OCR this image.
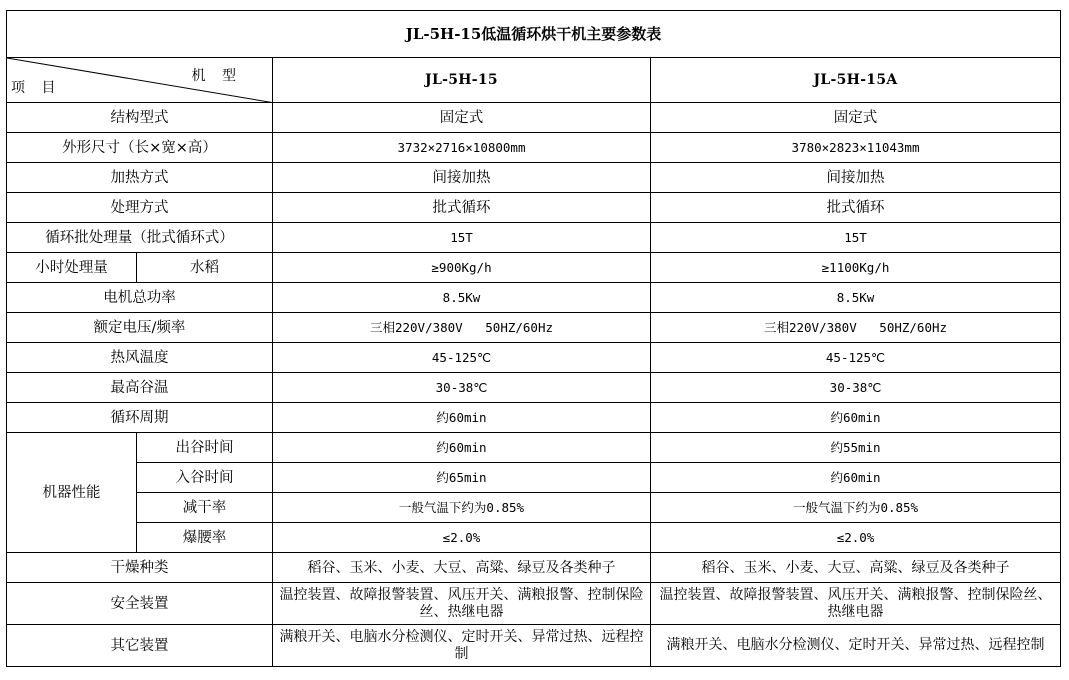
JL-5H-15低温循环烘干机主要参数表			

机 型
项 目		JL-5H-15	JL-5H-15A
结构型式		固定式	固定式
外形尺寸（长×宽×高）		3732×2716×10800mm	3780×2823×11043mm
加热方式		间接加热	间接加热
处理方式		批式循环	批式循环
循环批处理量（批式循环式）		15T	15T
小时处理量	水稻	≥900Kg/h	≥1100Kg/h
电机总功率		8.5Kw	8.5Kw
额定电压/频率		三相220V/380V   50HZ/60Hz	三相220V/380V   50HZ/60Hz
热风温度		45-125℃	45-125℃
最高谷温		30-38℃	30-38℃
循环周期		约60min	约60min
机器性能	出谷时间	约60min	约55min
	入谷时间	约65min	约60min
	减干率	一般气温下约为0.85%	一般气温下约为0.85%
	爆腰率	≤2.0%	≤2.0%
干燥种类		稻谷、玉米、小麦、大豆、高粱、绿豆及各类种子	稻谷、玉米、小麦、大豆、高粱、绿豆及各类种子
安全装置		温控装置、故障报警装置、风压开关、满粮报警、控制保险丝、热继电器	温控装置、故障报警装置、风压开关、满粮报警、控制保险丝、热继电器
其它装置		满粮开关、电脑水分检测仪、定时开关、异常过热、远程控制	满粮开关、电脑水分检测仪、定时开关、异常过热、远程控制
